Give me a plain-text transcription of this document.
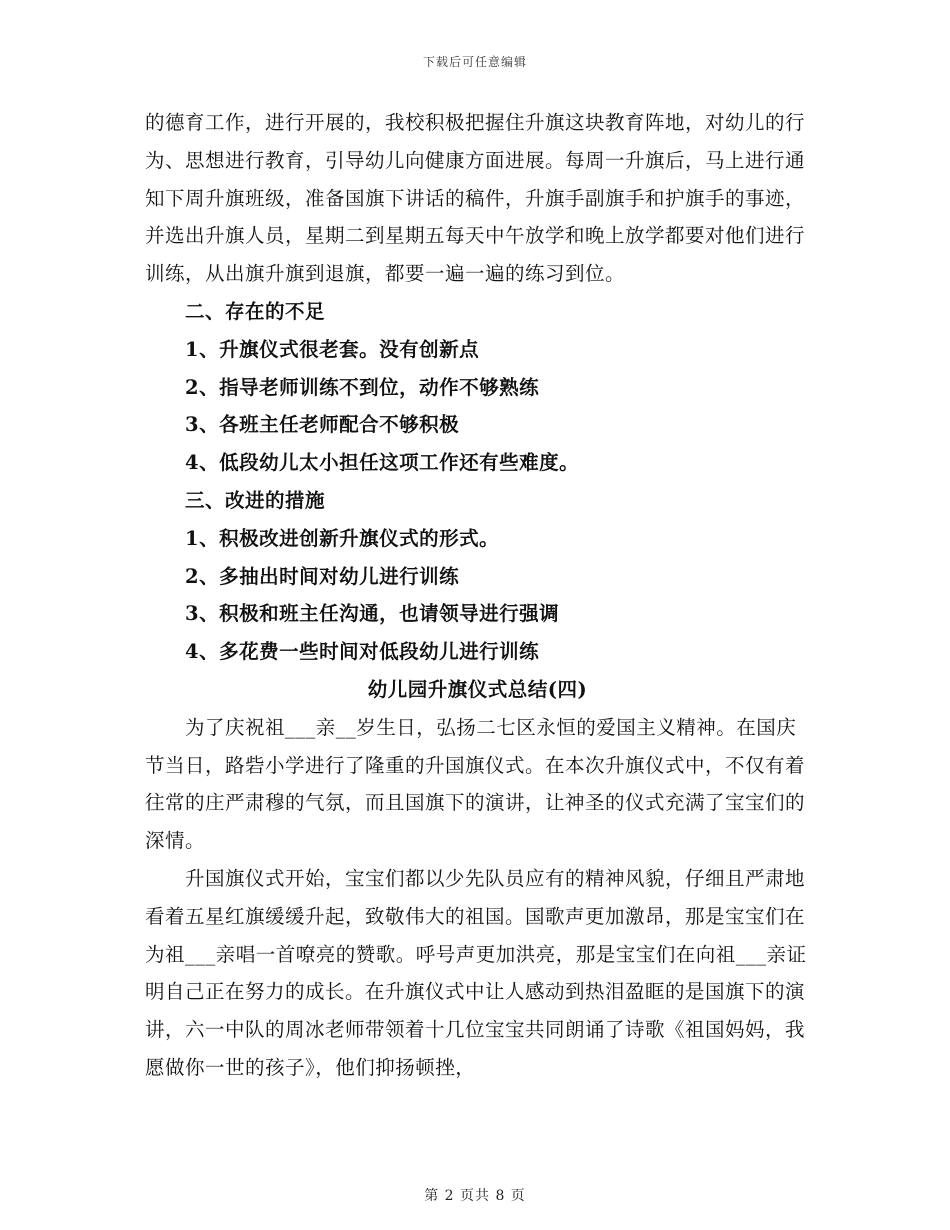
下载后可任意编辑

的德育工作，进行开展的，我校积极把握住升旗这块教育阵地，对幼儿的行为、思想进行教育，引导幼儿向健康方面进展。每周一升旗后，马上进行通知下周升旗班级，准备国旗下讲话的稿件，升旗手副旗手和护旗手的事迹，并选出升旗人员，星期二到星期五每天中午放学和晚上放学都要对他们进行训练，从出旗升旗到退旗，都要一遍一遍的练习到位。

二、存在的不足

1、升旗仪式很老套。没有创新点

2、指导老师训练不到位，动作不够熟练

3、各班主任老师配合不够积极

4、低段幼儿太小担任这项工作还有些难度。

三、改进的措施

1、积极改进创新升旗仪式的形式。

2、多抽出时间对幼儿进行训练

3、积极和班主任沟通，也请领导进行强调

4、多花费一些时间对低段幼儿进行训练

幼儿园升旗仪式总结(四)

为了庆祝祖___亲__岁生日，弘扬二七区永恒的爱国主义精神。在国庆节当日，路砦小学进行了隆重的升国旗仪式。在本次升旗仪式中，不仅有着往常的庄严肃穆的气氛，而且国旗下的演讲，让神圣的仪式充满了宝宝们的深情。

升国旗仪式开始，宝宝们都以少先队员应有的精神风貌，仔细且严肃地看着五星红旗缓缓升起，致敬伟大的祖国。国歌声更加激昂，那是宝宝们在为祖___亲唱一首嘹亮的赞歌。呼号声更加洪亮，那是宝宝们在向祖___亲证明自己正在努力的成长。在升旗仪式中让人感动到热泪盈眶的是国旗下的演讲，六一中队的周冰老师带领着十几位宝宝共同朗诵了诗歌《祖国妈妈，我愿做你一世的孩子》，他们抑扬顿挫，

第 2 页共 8 页
